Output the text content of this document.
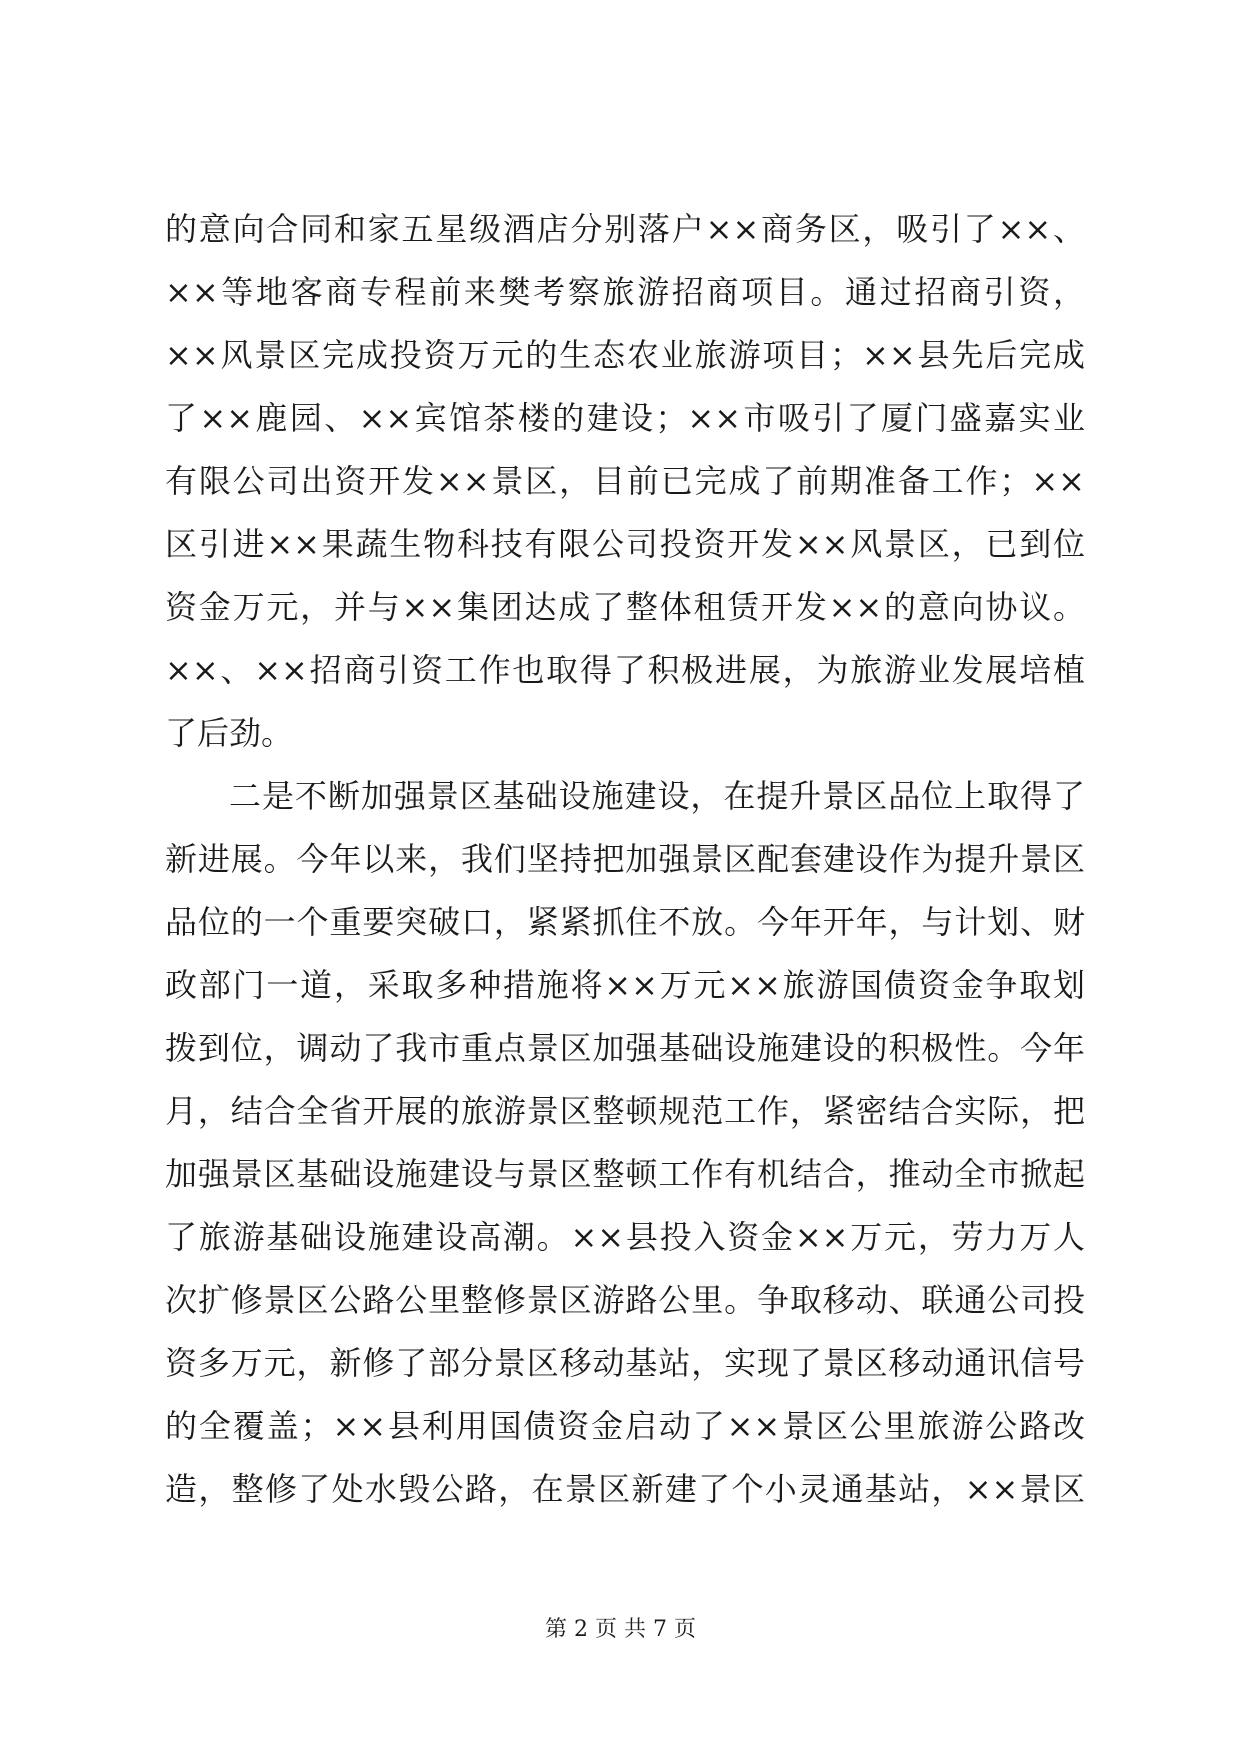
的意向合同和家五星级酒店分别落户××商务区，吸引了××、
××等地客商专程前来樊考察旅游招商项目。通过招商引资，
××风景区完成投资万元的生态农业旅游项目；××县先后完成
了××鹿园、××宾馆茶楼的建设；××市吸引了厦门盛嘉实业
有限公司出资开发××景区，目前已完成了前期准备工作；××
区引进××果蔬生物科技有限公司投资开发××风景区，已到位
资金万元，并与××集团达成了整体租赁开发××的意向协议。
××、××招商引资工作也取得了积极进展，为旅游业发展培植
了后劲。
二是不断加强景区基础设施建设，在提升景区品位上取得了
新进展。今年以来，我们坚持把加强景区配套建设作为提升景区
品位的一个重要突破口，紧紧抓住不放。今年开年，与计划、财
政部门一道，采取多种措施将××万元××旅游国债资金争取划
拨到位，调动了我市重点景区加强基础设施建设的积极性。今年
月，结合全省开展的旅游景区整顿规范工作，紧密结合实际，把
加强景区基础设施建设与景区整顿工作有机结合，推动全市掀起
了旅游基础设施建设高潮。××县投入资金××万元，劳力万人
次扩修景区公路公里整修景区游路公里。争取移动、联通公司投
资多万元，新修了部分景区移动基站，实现了景区移动通讯信号
的全覆盖；××县利用国债资金启动了××景区公里旅游公路改
造，整修了处水毁公路，在景区新建了个小灵通基站，××景区
第 2 页 共 7 页
